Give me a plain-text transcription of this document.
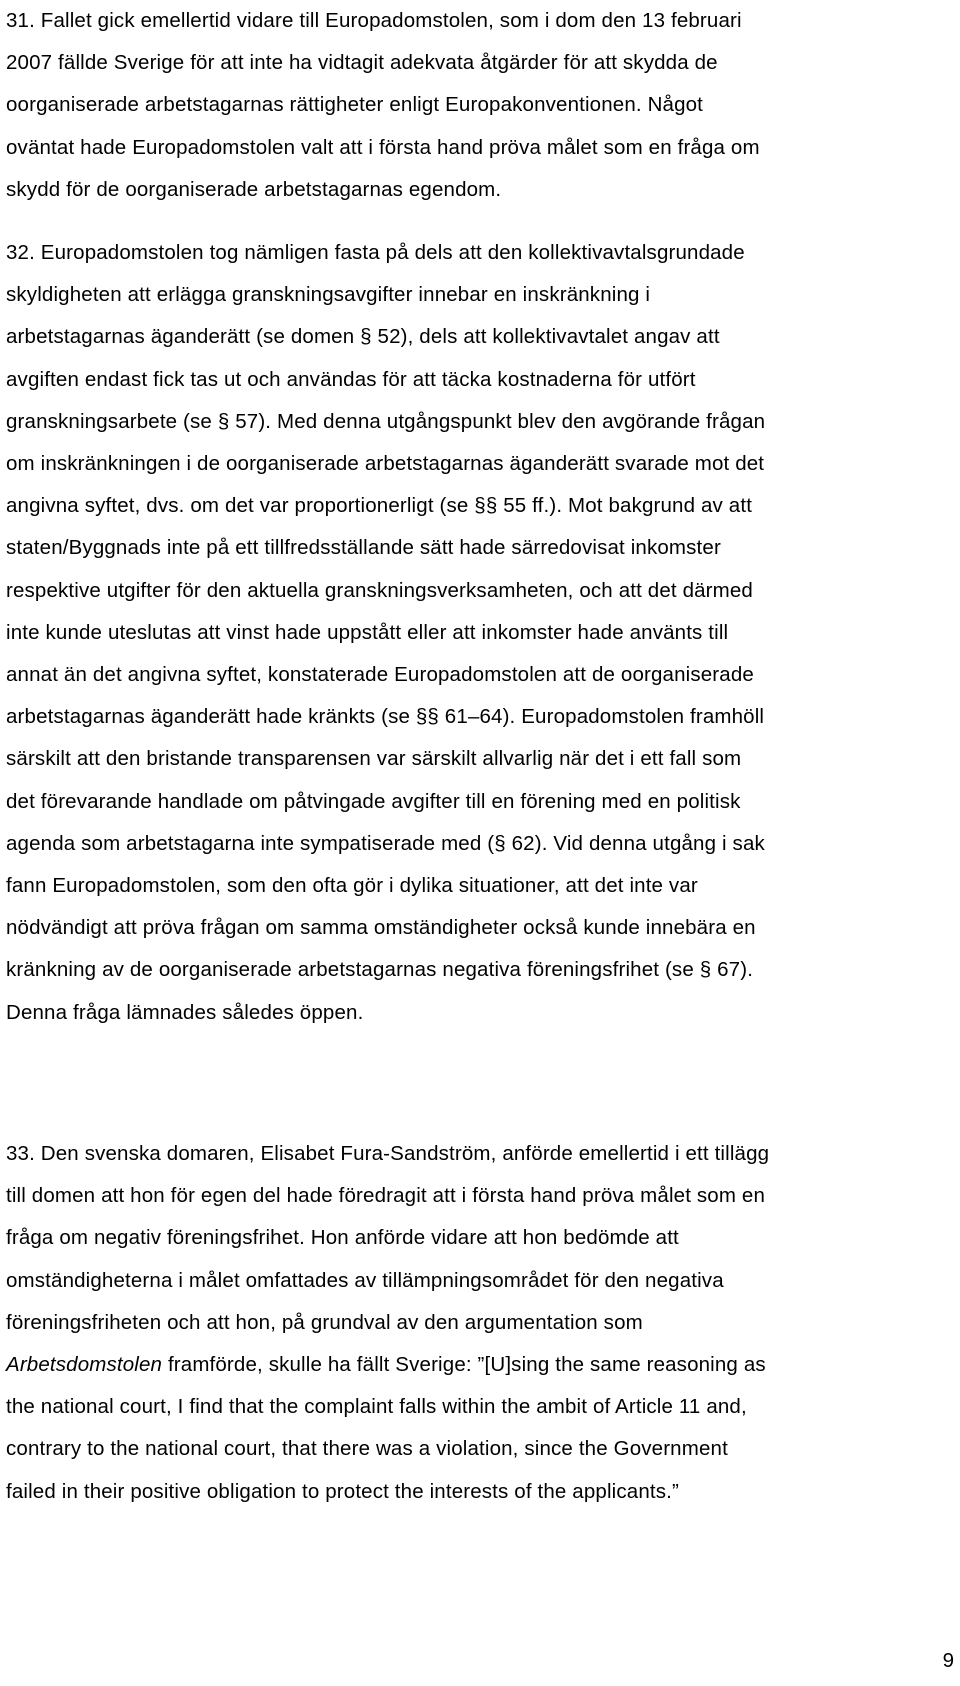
31. Fallet gick emellertid vidare till Europadomstolen, som i dom den 13 februari
2007 fällde Sverige för att inte ha vidtagit adekvata åtgärder för att skydda de
oorganiserade arbetstagarnas rättigheter enligt Europakonventionen. Något
oväntat hade Europadomstolen valt att i första hand pröva målet som en fråga om
skydd för de oorganiserade arbetstagarnas egendom.

32. Europadomstolen tog nämligen fasta på dels att den kollektivavtalsgrundade
skyldigheten att erlägga granskningsavgifter innebar en inskränkning i
arbetstagarnas äganderätt (se domen § 52), dels att kollektivavtalet angav att
avgiften endast fick tas ut och användas för att täcka kostnaderna för utfört
granskningsarbete (se § 57). Med denna utgångspunkt blev den avgörande frågan
om inskränkningen i de oorganiserade arbetstagarnas äganderätt svarade mot det
angivna syftet, dvs. om det var proportionerligt (se §§ 55 ff.). Mot bakgrund av att
staten/Byggnads inte på ett tillfredsställande sätt hade särredovisat inkomster
respektive utgifter för den aktuella granskningsverksamheten, och att det därmed
inte kunde uteslutas att vinst hade uppstått eller att inkomster hade använts till
annat än det angivna syftet, konstaterade Europadomstolen att de oorganiserade
arbetstagarnas äganderätt hade kränkts (se §§ 61–64). Europadomstolen framhöll
särskilt att den bristande transparensen var särskilt allvarlig när det i ett fall som
det förevarande handlade om påtvingade avgifter till en förening med en politisk
agenda som arbetstagarna inte sympatiserade med (§ 62). Vid denna utgång i sak
fann Europadomstolen, som den ofta gör i dylika situationer, att det inte var
nödvändigt att pröva frågan om samma omständigheter också kunde innebära en
kränkning av de oorganiserade arbetstagarnas negativa föreningsfrihet (se § 67).
Denna fråga lämnades således öppen.

33. Den svenska domaren, Elisabet Fura-Sandström, anförde emellertid i ett tillägg
till domen att hon för egen del hade föredragit att i första hand pröva målet som en
fråga om negativ föreningsfrihet. Hon anförde vidare att hon bedömde att
omständigheterna i målet omfattades av tillämpningsområdet för den negativa
föreningsfriheten och att hon, på grundval av den argumentation som
Arbetsdomstolen framförde, skulle ha fällt Sverige: ”[U]sing the same reasoning as
the national court, I find that the complaint falls within the ambit of Article 11 and,
contrary to the national court, that there was a violation, since the Government
failed in their positive obligation to protect the interests of the applicants.”

9
